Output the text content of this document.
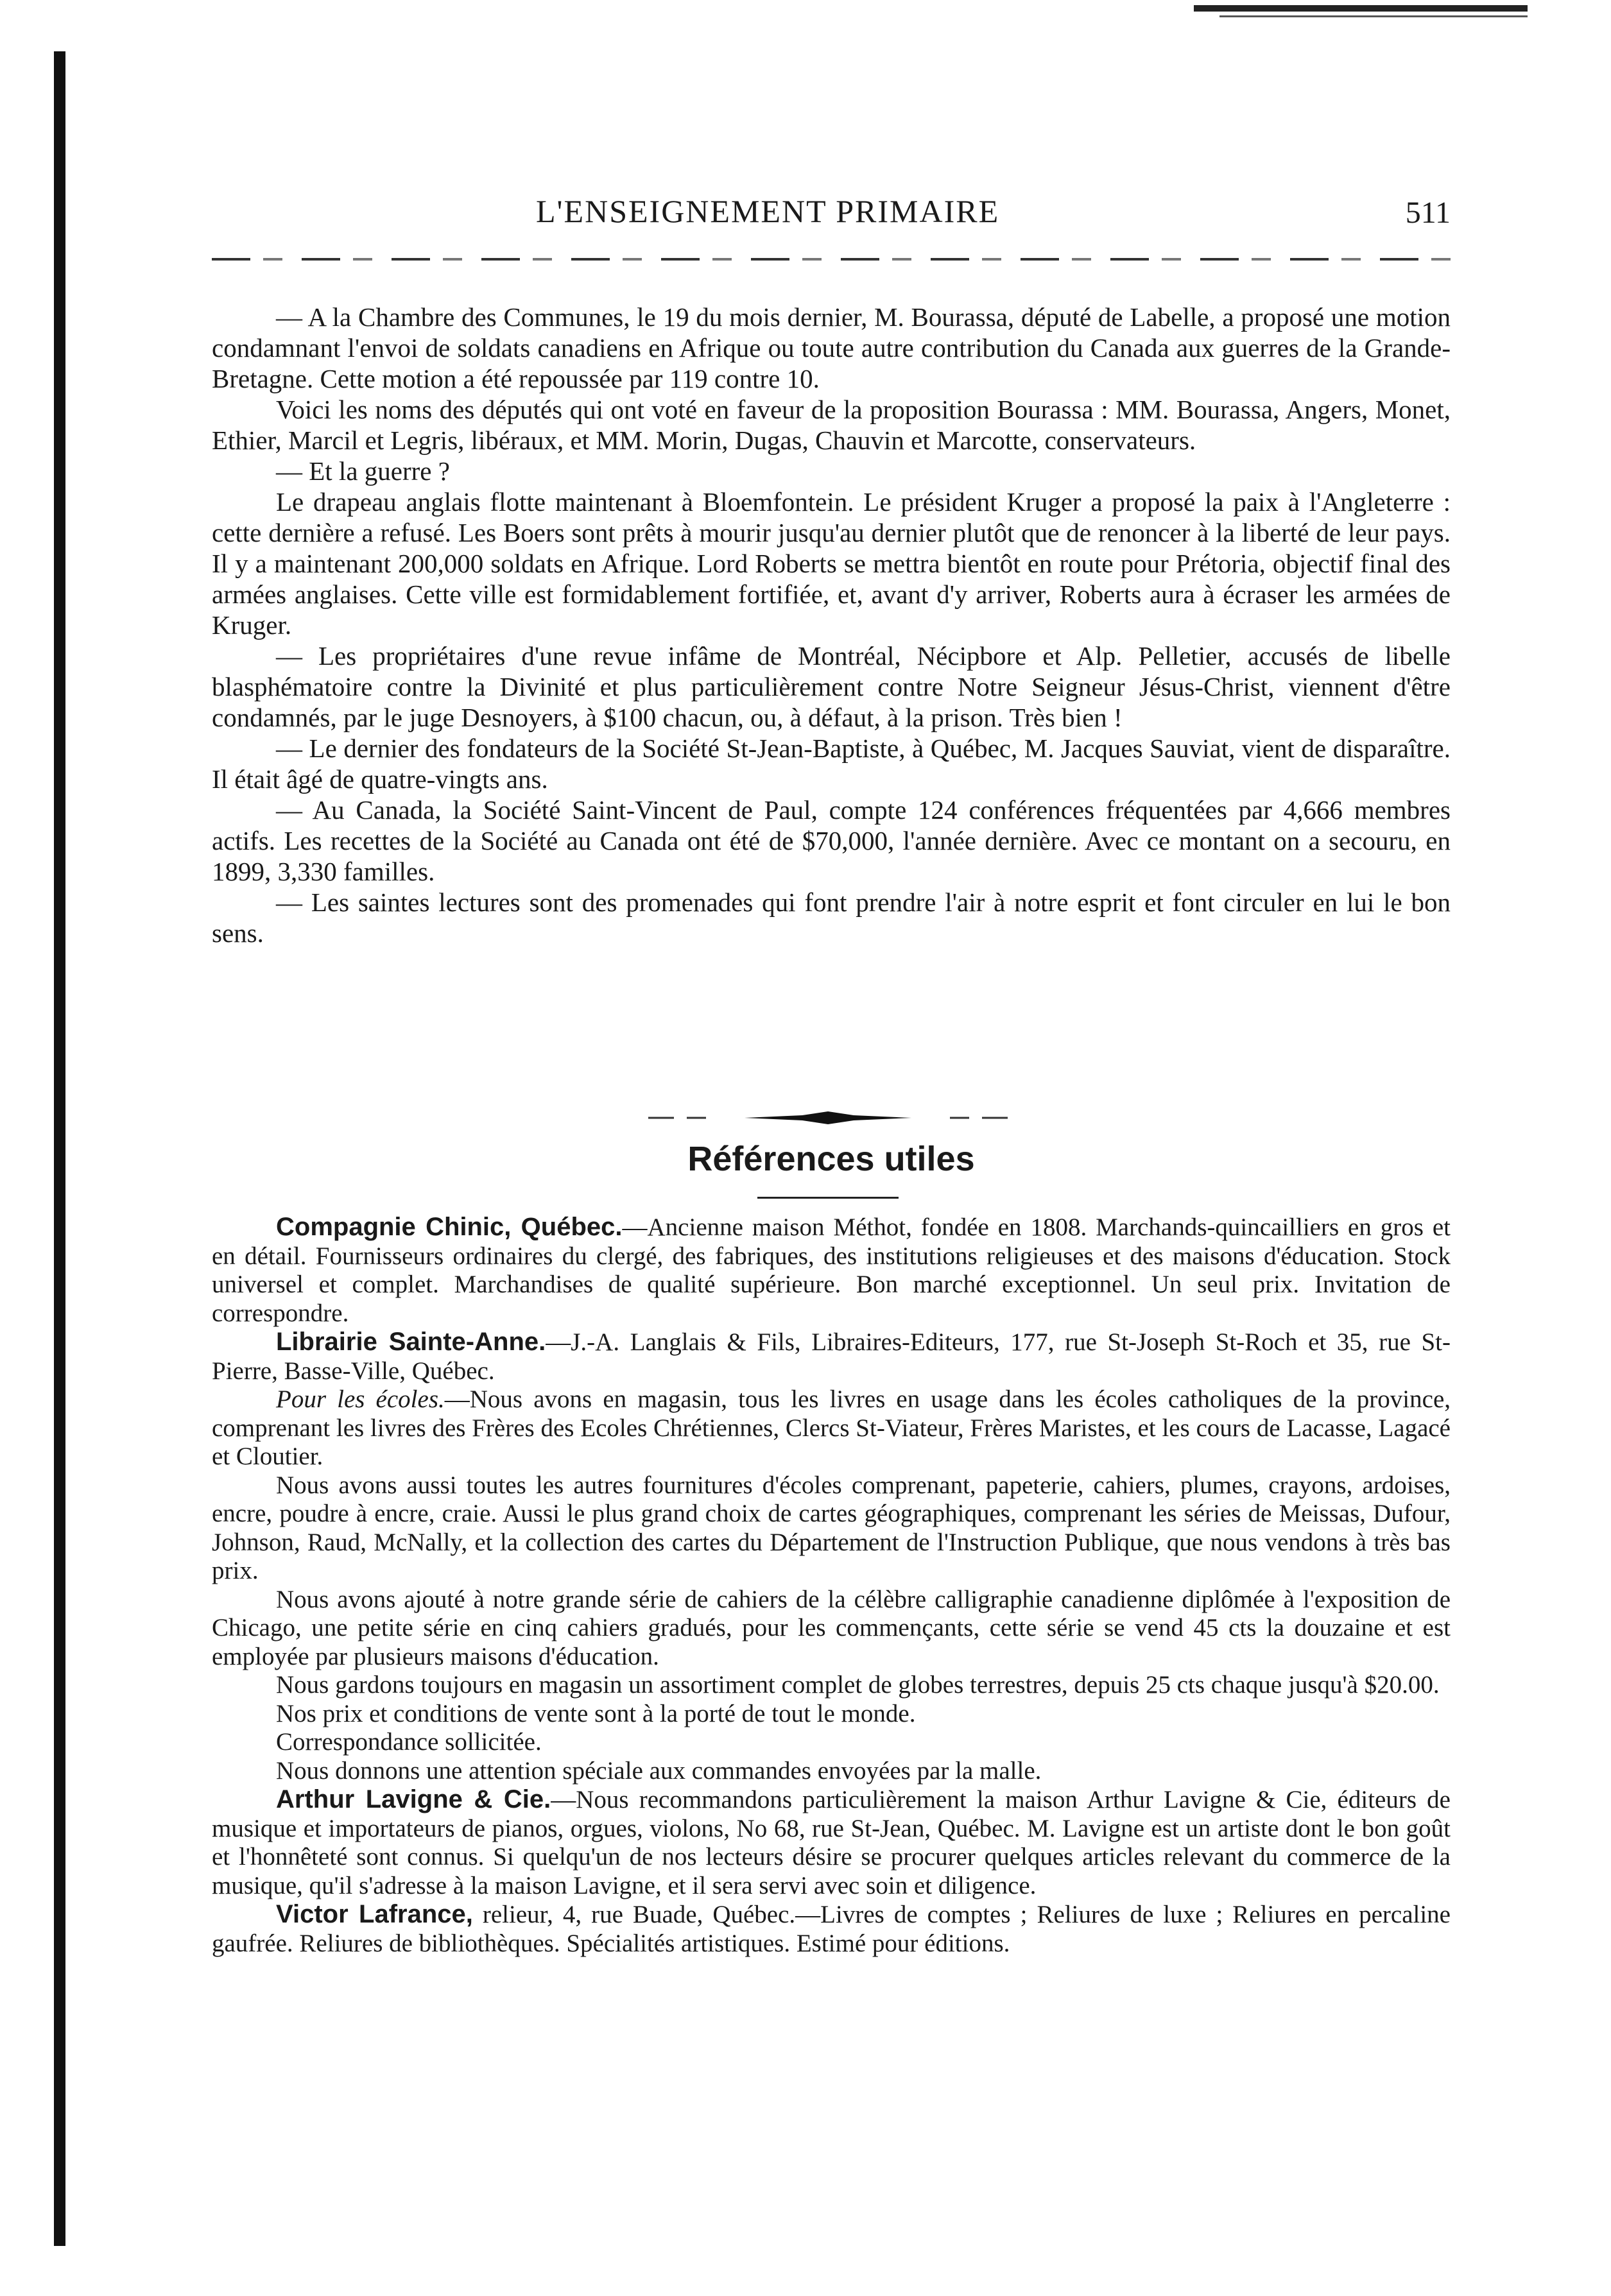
L'ENSEIGNEMENT PRIMAIRE	511

— A la Chambre des Communes, le 19 du mois dernier, M. Bourassa, député de Labelle, a proposé une motion condamnant l'envoi de soldats canadiens en Afrique ou toute autre contribution du Canada aux guerres de la Grande-Bretagne. Cette motion a été repoussée par 119 contre 10.

Voici les noms des députés qui ont voté en faveur de la proposition Bourassa : MM. Bourassa, Angers, Monet, Ethier, Marcil et Legris, libéraux, et MM. Morin, Dugas, Chauvin et Marcotte, conservateurs.

— Et la guerre ?

Le drapeau anglais flotte maintenant à Bloemfontein. Le président Kruger a proposé la paix à l'Angleterre : cette dernière a refusé. Les Boers sont prêts à mourir jusqu'au dernier plutôt que de renoncer à la liberté de leur pays. Il y a maintenant 200,000 soldats en Afrique. Lord Roberts se mettra bientôt en route pour Prétoria, objectif final des armées anglaises. Cette ville est formidablement fortifiée, et, avant d'y arriver, Roberts aura à écraser les armées de Kruger.

— Les propriétaires d'une revue infâme de Montréal, Nécipbore et Alp. Pelletier, accusés de libelle blasphématoire contre la Divinité et plus particulièrement contre Notre Seigneur Jésus-Christ, viennent d'être condamnés, par le juge Desnoyers, à $100 chacun, ou, à défaut, à la prison. Très bien !

— Le dernier des fondateurs de la Société St-Jean-Baptiste, à Québec, M. Jacques Sauviat, vient de disparaître. Il était âgé de quatre-vingts ans.

— Au Canada, la Société Saint-Vincent de Paul, compte 124 conférences fréquentées par 4,666 membres actifs. Les recettes de la Société au Canada ont été de $70,000, l'année dernière. Avec ce montant on a secouru, en 1899, 3,330 familles.

— Les saintes lectures sont des promenades qui font prendre l'air à notre esprit et font circuler en lui le bon sens.

Références utiles

Compagnie Chinic, Québec.—Ancienne maison Méthot, fondée en 1808. Marchands-quincailliers en gros et en détail. Fournisseurs ordinaires du clergé, des fabriques, des institutions religieuses et des maisons d'éducation. Stock universel et complet. Marchandises de qualité supérieure. Bon marché exceptionnel. Un seul prix. Invitation de correspondre.

Librairie Sainte-Anne.—J.-A. Langlais & Fils, Libraires-Editeurs, 177, rue St-Joseph St-Roch et 35, rue St-Pierre, Basse-Ville, Québec.

Pour les écoles.—Nous avons en magasin, tous les livres en usage dans les écoles catholiques de la province, comprenant les livres des Frères des Ecoles Chrétiennes, Clercs St-Viateur, Frères Maristes, et les cours de Lacasse, Lagacé et Cloutier.

Nous avons aussi toutes les autres fournitures d'écoles comprenant, papeterie, cahiers, plumes, crayons, ardoises, encre, poudre à encre, craie. Aussi le plus grand choix de cartes géographiques, comprenant les séries de Meissas, Dufour, Johnson, Raud, McNally, et la collection des cartes du Département de l'Instruction Publique, que nous vendons à très bas prix.

Nous avons ajouté à notre grande série de cahiers de la célèbre calligraphie canadienne diplômée à l'exposition de Chicago, une petite série en cinq cahiers gradués, pour les commençants, cette série se vend 45 cts la douzaine et est employée par plusieurs maisons d'éducation.

Nous gardons toujours en magasin un assortiment complet de globes terrestres, depuis 25 cts chaque jusqu'à $20.00.

Nos prix et conditions de vente sont à la porté de tout le monde.

Correspondance sollicitée.

Nous donnons une attention spéciale aux commandes envoyées par la malle.

Arthur Lavigne & Cie.—Nous recommandons particulièrement la maison Arthur Lavigne & Cie, éditeurs de musique et importateurs de pianos, orgues, violons, No 68, rue St-Jean, Québec. M. Lavigne est un artiste dont le bon goût et l'honnêteté sont connus. Si quelqu'un de nos lecteurs désire se procurer quelques articles relevant du commerce de la musique, qu'il s'adresse à la maison Lavigne, et il sera servi avec soin et diligence.

Victor Lafrance, relieur, 4, rue Buade, Québec.—Livres de comptes ; Reliures de luxe ; Reliures en percaline gaufrée. Reliures de bibliothèques. Spécialités artistiques. Estimé pour éditions.
